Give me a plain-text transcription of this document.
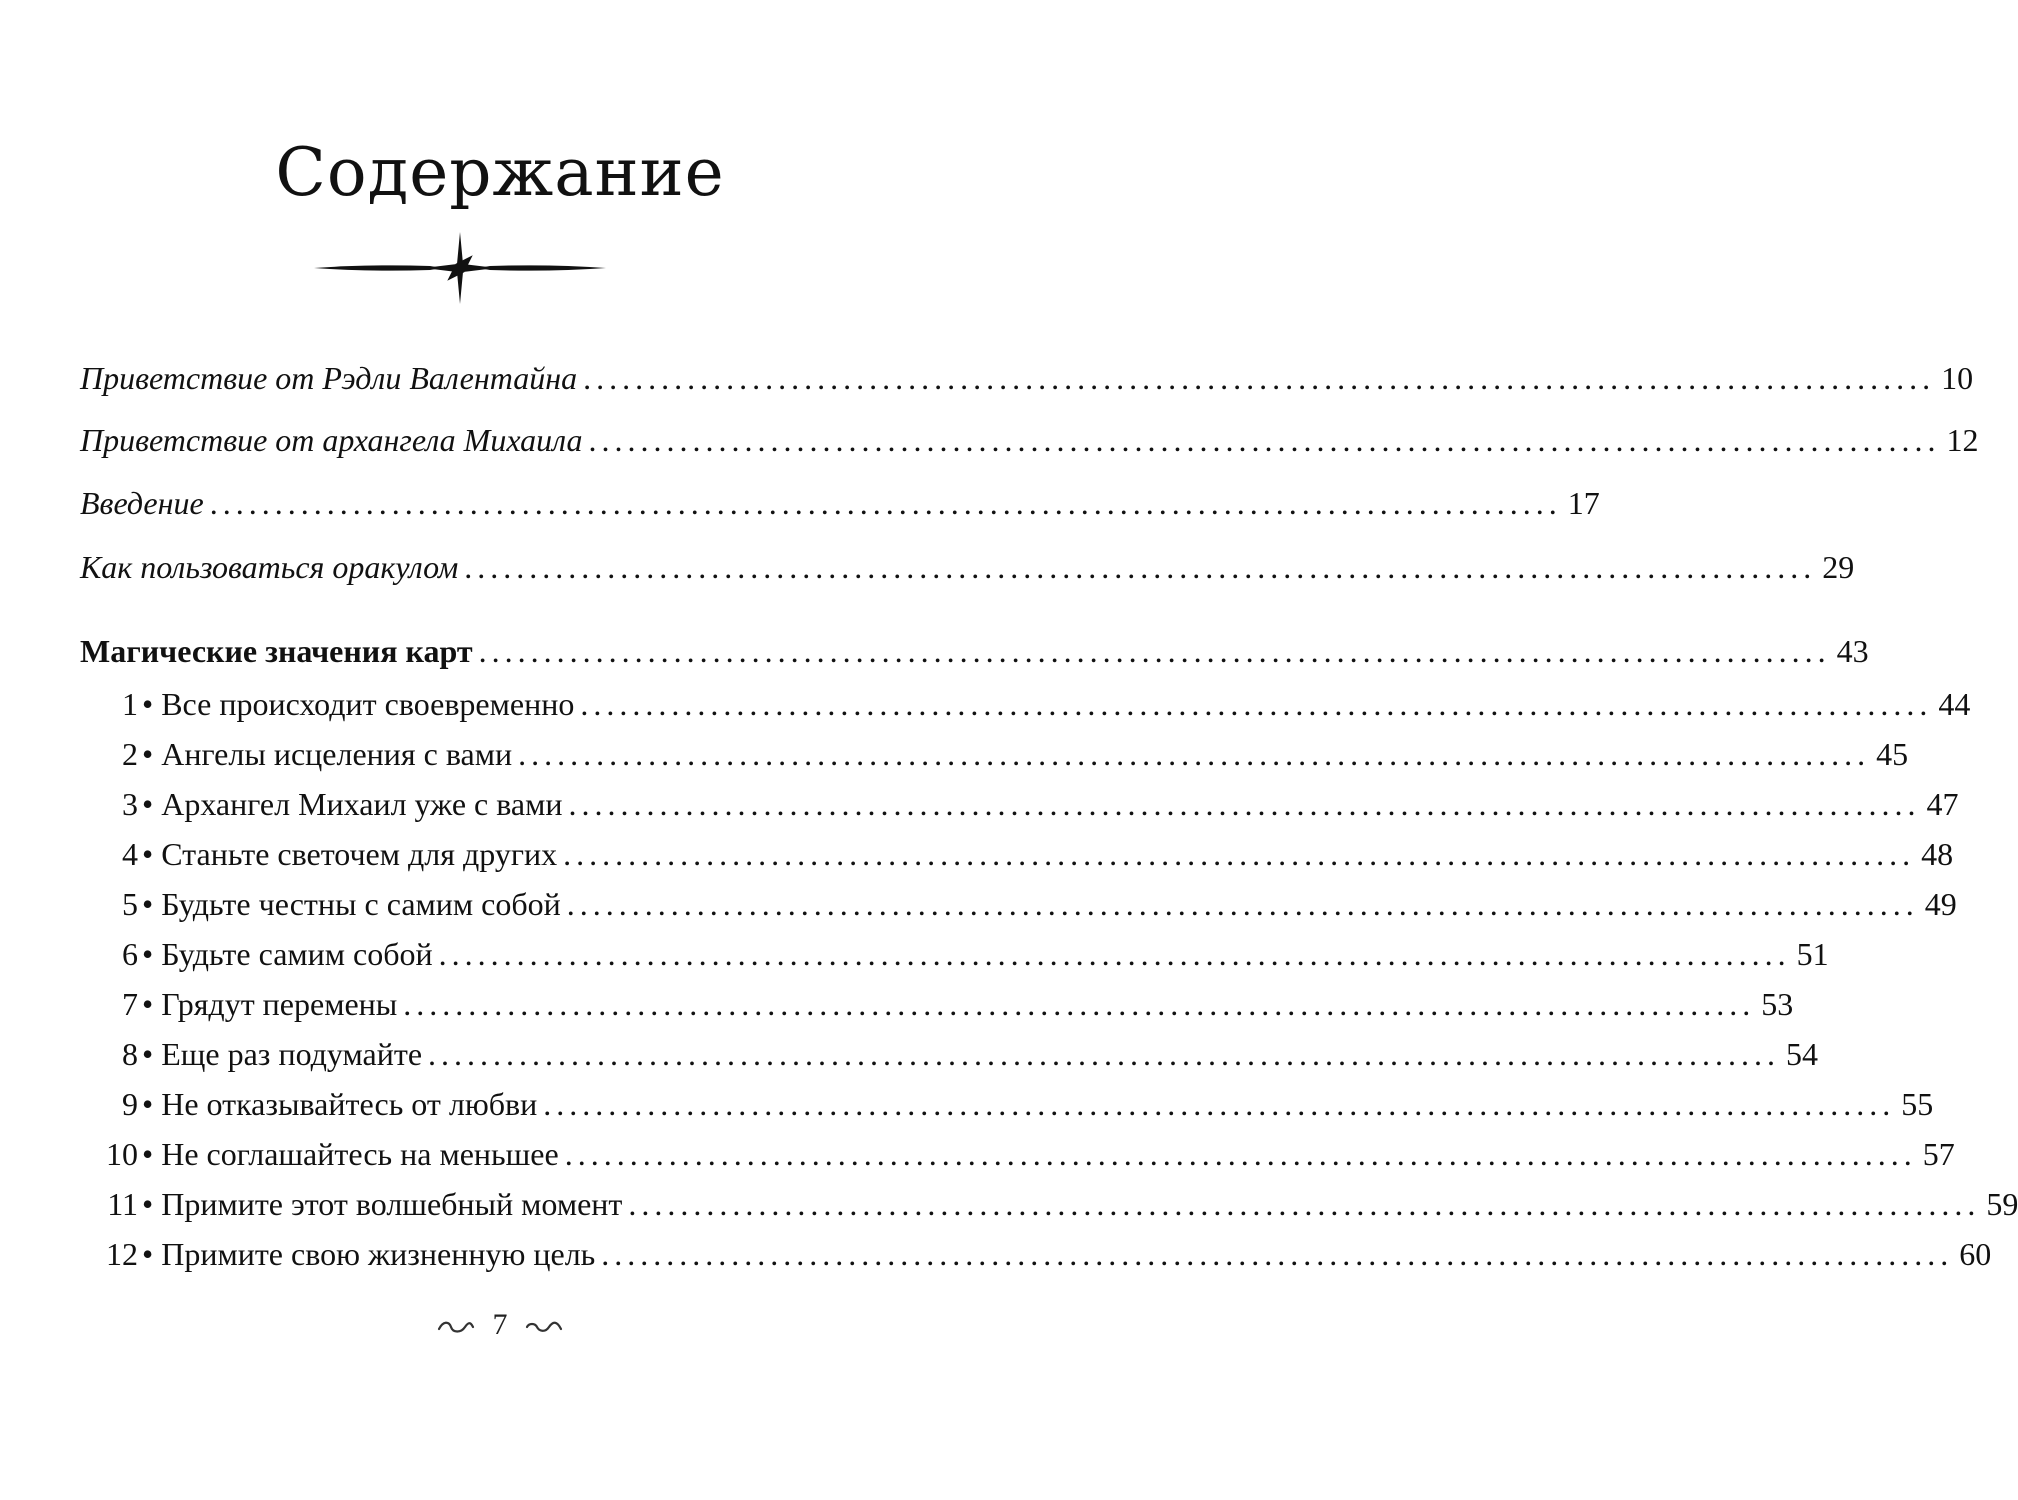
Содержание
Приветствие от Рэдли Валентайна ........................................................................................................ 10
Приветствие от архангела Михаила ........................................................................................................ 12
Введение ........................................................................................................ 17
Как пользоваться оракулом ........................................................................................................ 29
Магические значения карт ........................................................................................................ 43
1 • Все происходит своевременно ........................................................................................................ 44
2 • Ангелы исцеления с вами ........................................................................................................ 45
3 • Архангел Михаил уже с вами ........................................................................................................ 47
4 • Станьте светочем для других ........................................................................................................ 48
5 • Будьте честны с самим собой ........................................................................................................ 49
6 • Будьте самим собой ........................................................................................................ 51
7 • Грядут перемены ........................................................................................................ 53
8 • Еще раз подумайте ........................................................................................................ 54
9 • Не отказывайтесь от любви ........................................................................................................ 55
10 • Не соглашайтесь на меньшее ........................................................................................................ 57
11 • Примите этот волшебный момент ........................................................................................................ 59
12 • Примите свою жизненную цель ........................................................................................................ 60
7
